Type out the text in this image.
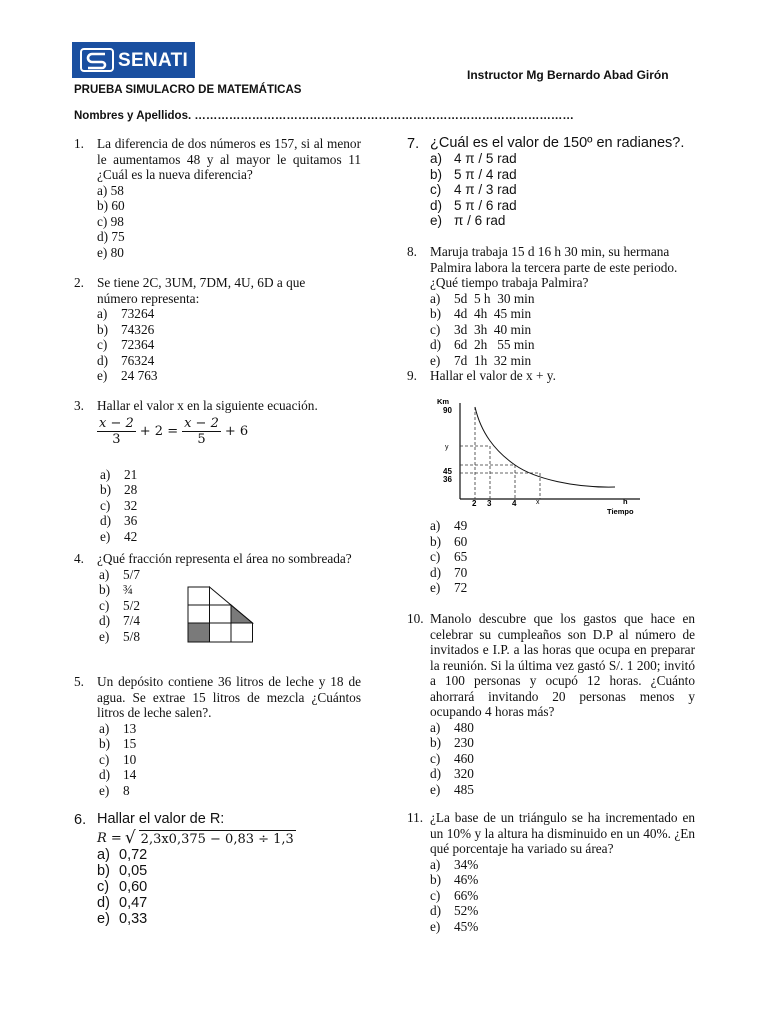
SENATI
Instructor Mg Bernardo Abad Girón
PRUEBA SIMULACRO DE MATEMÁTICAS
Nombres y Apellidos. ………………………………………………………………………………………
1. La diferencia de dos números es 157, si al menor le aumentamos 48 y al mayor le quitamos 11 ¿Cuál es la nueva diferencia?
a) 58
b) 60
c) 98
d) 75
e) 80
2. Se tiene 2C, 3UM, 7DM, 4U, 6D a que número representa:
a) 73264
b) 74326
c) 72364
d) 76324
e) 24 763
3. Hallar el valor x en la siguiente ecuación.
$\frac{x - 2}{3} + 2 = \frac{x - 2}{5} + 6$
a) 21
b) 28
c) 32
d) 36
e) 42
4. ¿Qué fracción representa el área no sombreada?
a) 5/7
b) ¾
c) 5/2
d) 7/4
e) 5/8
5. Un depósito contiene 36 litros de leche y 18 de agua. Se extrae 15 litros de mezcla ¿Cuántos litros de leche salen?.
a) 13
b) 15
c) 10
d) 14
e) 8
6. Hallar el valor de R:
R = √ 2,3x0,375 − 0,83 ÷ 1,3
a) 0,72
b) 0,05
c) 0,60
d) 0,47
e) 0,33
7. ¿Cuál es el valor de 150º en radianes?.
a) 4 π / 5 rad
b) 5 π / 4 rad
c) 4 π / 3 rad
d) 5 π / 6 rad
e) π / 6 rad
8. Maruja trabaja 15 d 16 h 30 min, su hermana Palmira labora la tercera parte de este periodo. ¿Qué tiempo trabaja Palmira?
a) 5d  5 h  30 min
b) 4d  4h  45 min
c) 3d  3h  40 min
d) 6d  2h   55 min
e) 7d  1h  32 min
9. Hallar el valor de x + y.
Km
90
y
45
36
2 3	4	x	h
Tiempo
a) 49
b) 60
c) 65
d) 70
e) 72
10. Manolo descubre que los gastos que hace en celebrar su cumpleaños son D.P al número de invitados e I.P. a las horas que ocupa en preparar la reunión. Si la última vez gastó S/. 1 200; invitó a 100 personas y ocupó 12 horas. ¿Cuánto ahorrará invitando 20 personas menos y ocupando 4 horas más?
a) 480
b) 230
c) 460
d) 320
e) 485
11. ¿La base de un triángulo se ha incrementado en un 10% y la altura ha disminuido en un 40%. ¿En qué porcentaje ha variado su área?
a) 34%
b) 46%
c) 66%
d) 52%
e) 45%
